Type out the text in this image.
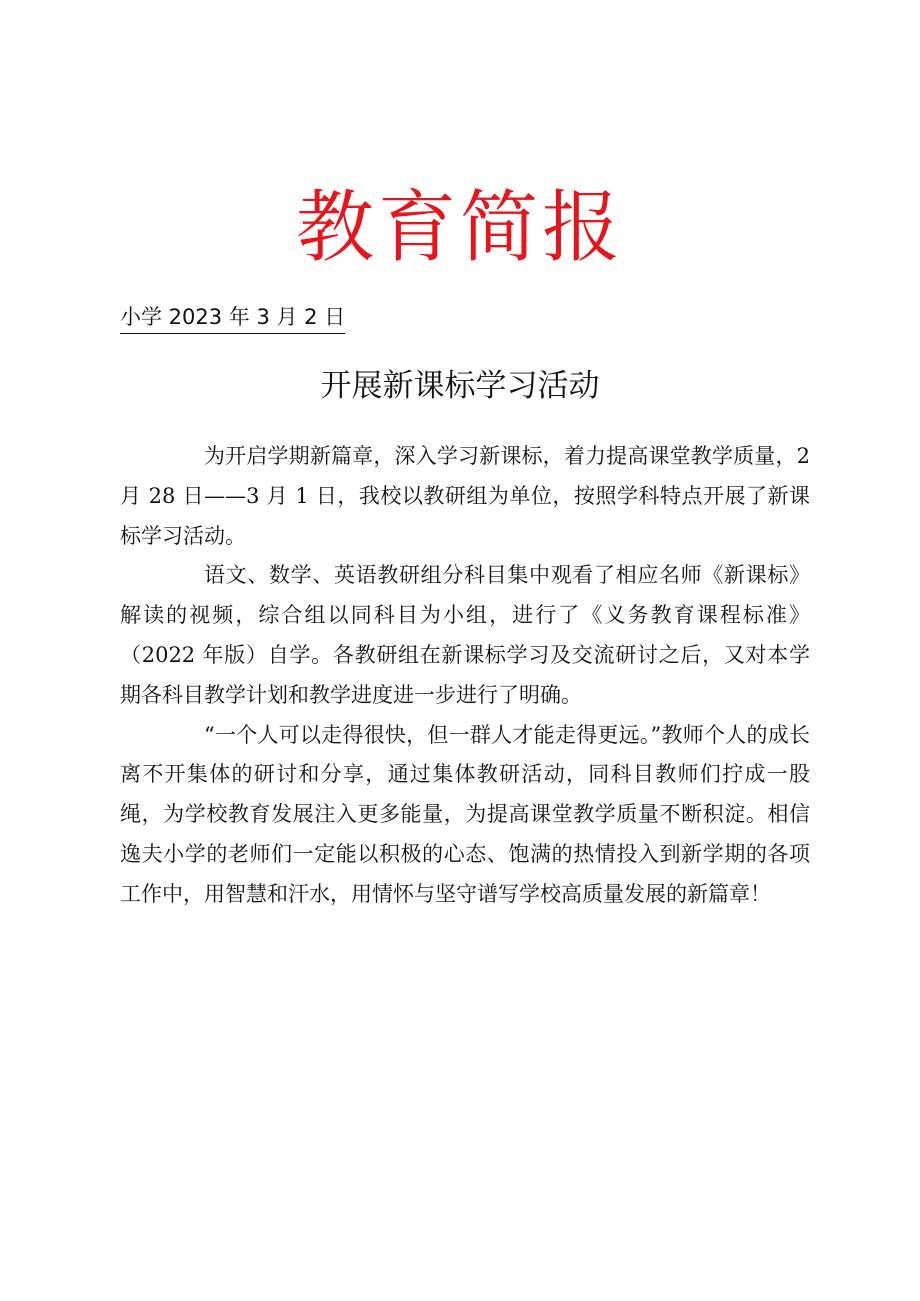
教育简报
小学 2023 年 3 月 2 日
开展新课标学习活动

为开启学期新篇章，深入学习新课标，着力提高课堂教学质量，2 月 28 日——3 月 1 日，我校以教研组为单位，按照学科特点开展了新课标学习活动。

语文、数学、英语教研组分科目集中观看了相应名师《新课标》解读的视频，综合组以同科目为小组，进行了《义务教育课程标准》（2022 年版）自学。各教研组在新课标学习及交流研讨之后，又对本学期各科目教学计划和教学进度进一步进行了明确。

“一个人可以走得很快，但一群人才能走得更远。”教师个人的成长离不开集体的研讨和分享，通过集体教研活动，同科目教师们拧成一股绳，为学校教育发展注入更多能量，为提高课堂教学质量不断积淀。相信逸夫小学的老师们一定能以积极的心态、饱满的热情投入到新学期的各项工作中，用智慧和汗水，用情怀与坚守谱写学校高质量发展的新篇章！
